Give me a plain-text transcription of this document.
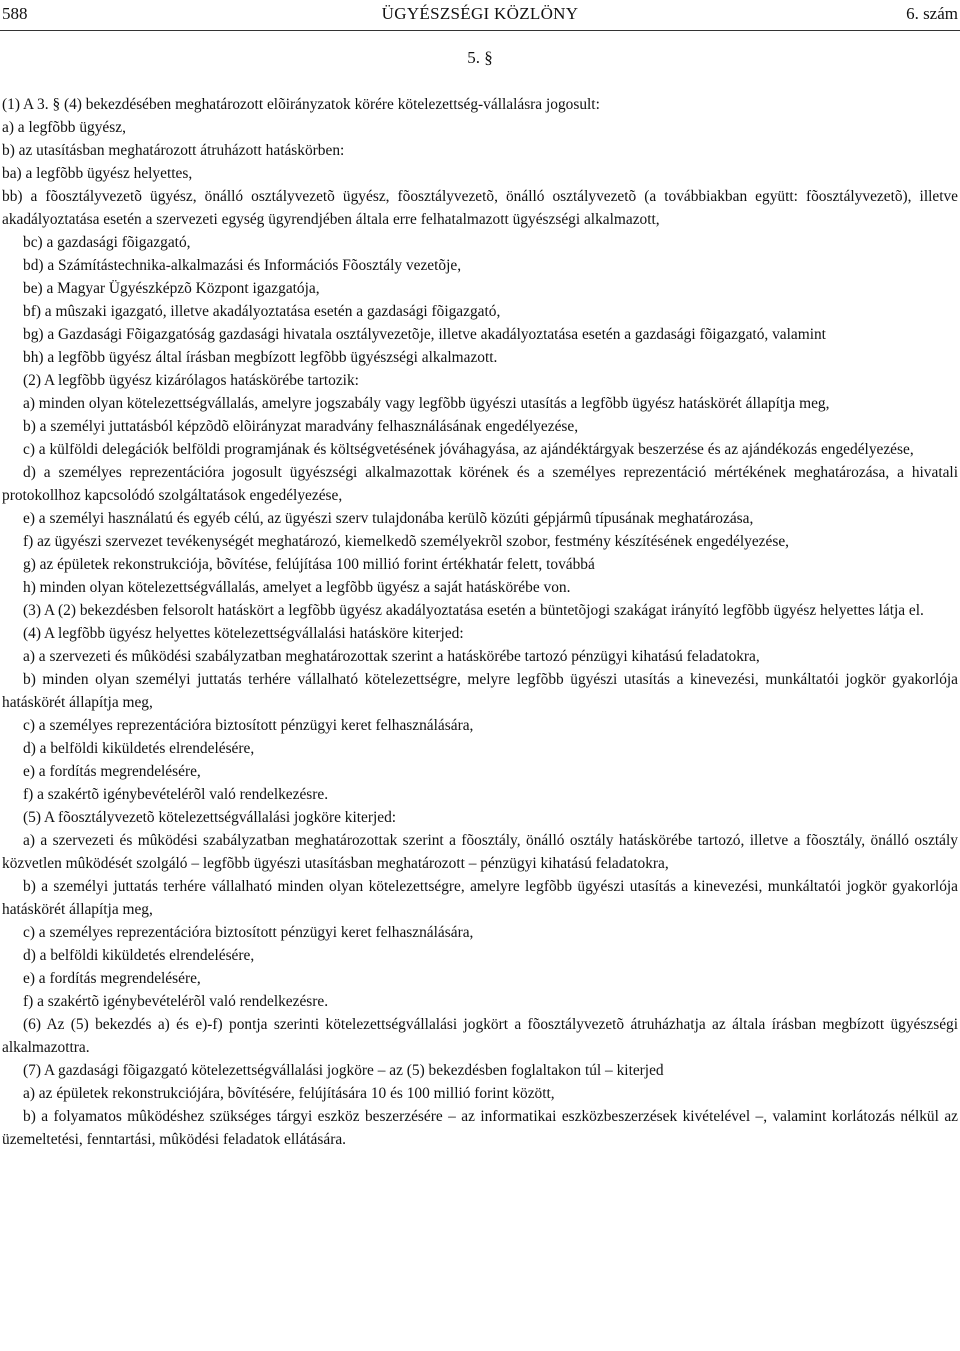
588	ÜGYÉSZSÉGI KÖZLÖNY	6. szám
5. §

(1) A 3. § (4) bekezdésében meghatározott elõirányzatok körére kötelezettség-vállalásra jogosult:

a) a legfõbb ügyész,

b) az utasításban meghatározott átruházott hatáskörben:

ba) a legfõbb ügyész helyettes,

bb) a fõosztályvezetõ ügyész, önálló osztályvezetõ ügyész, fõosztályvezetõ, önálló osztályvezetõ (a továbbiakban együtt: fõosztályvezetõ), illetve akadályoztatása esetén a szervezeti egység ügyrendjében általa erre felhatalmazott ügyészségi alkalmazott,

bc) a gazdasági fõigazgató,

bd) a Számítástechnika-alkalmazási és Információs Fõosztály vezetõje,

be) a Magyar Ügyészképzõ Központ igazgatója,

bf) a mûszaki igazgató, illetve akadályoztatása esetén a gazdasági fõigazgató,

bg) a Gazdasági Fõigazgatóság gazdasági hivatala osztályvezetõje, illetve akadályoztatása esetén a gazdasági fõigazgató, valamint

bh) a legfõbb ügyész által írásban megbízott legfõbb ügyészségi alkalmazott.

(2) A legfõbb ügyész kizárólagos hatáskörébe tartozik:

a) minden olyan kötelezettségvállalás, amelyre jogszabály vagy legfõbb ügyészi utasítás a legfõbb ügyész hatáskörét állapítja meg,

b) a személyi juttatásból képzõdõ elõirányzat maradvány felhasználásának engedélyezése,

c) a külföldi delegációk belföldi programjának és költségvetésének jóváhagyása, az ajándéktárgyak beszerzése és az ajándékozás engedélyezése,

d) a személyes reprezentációra jogosult ügyészségi alkalmazottak körének és a személyes reprezentáció mértékének meghatározása, a hivatali protokollhoz kapcsolódó szolgáltatások engedélyezése,

e) a személyi használatú és egyéb célú, az ügyészi szerv tulajdonába kerülõ közúti gépjármû típusának meghatározása,

f) az ügyészi szervezet tevékenységét meghatározó, kiemelkedõ személyekrõl szobor, festmény készítésének engedélyezése,

g) az épületek rekonstrukciója, bõvítése, felújítása 100 millió forint értékhatár felett, továbbá

h) minden olyan kötelezettségvállalás, amelyet a legfõbb ügyész a saját hatáskörébe von.

(3) A (2) bekezdésben felsorolt hatáskört a legfõbb ügyész akadályoztatása esetén a büntetõjogi szakágat irányító legfõbb ügyész helyettes látja el.

(4) A legfõbb ügyész helyettes kötelezettségvállalási hatásköre kiterjed:

a) a szervezeti és mûködési szabályzatban meghatározottak szerint a hatáskörébe tartozó pénzügyi kihatású feladatokra,

b) minden olyan személyi juttatás terhére vállalható kötelezettségre, melyre legfõbb ügyészi utasítás a kinevezési, munkáltatói jogkör gyakorlója hatáskörét állapítja meg,

c) a személyes reprezentációra biztosított pénzügyi keret felhasználására,

d) a belföldi kiküldetés elrendelésére,

e) a fordítás megrendelésére,

f) a szakértõ igénybevételérõl való rendelkezésre.

(5) A fõosztályvezetõ kötelezettségvállalási jogköre kiterjed:

a) a szervezeti és mûködési szabályzatban meghatározottak szerint a fõosztály, önálló osztály hatáskörébe tartozó, illetve a fõosztály, önálló osztály közvetlen mûködését szolgáló – legfõbb ügyészi utasításban meghatározott – pénzügyi kihatású feladatokra,

b) a személyi juttatás terhére vállalható minden olyan kötelezettségre, amelyre legfõbb ügyészi utasítás a kinevezési, munkáltatói jogkör gyakorlója hatáskörét állapítja meg,

c) a személyes reprezentációra biztosított pénzügyi keret felhasználására,

d) a belföldi kiküldetés elrendelésére,

e) a fordítás megrendelésére,

f) a szakértõ igénybevételérõl való rendelkezésre.

(6) Az (5) bekezdés a) és e)-f) pontja szerinti kötelezettségvállalási jogkört a fõosztályvezetõ átruházhatja az általa írásban megbízott ügyészségi alkalmazottra.

(7) A gazdasági fõigazgató kötelezettségvállalási jogköre – az (5) bekezdésben foglaltakon túl – kiterjed

a) az épületek rekonstrukciójára, bõvítésére, felújítására 10 és 100 millió forint között,

b) a folyamatos mûködéshez szükséges tárgyi eszköz beszerzésére – az informatikai eszközbeszerzések kivételével –, valamint korlátozás nélkül az üzemeltetési, fenntartási, mûködési feladatok ellátására.
